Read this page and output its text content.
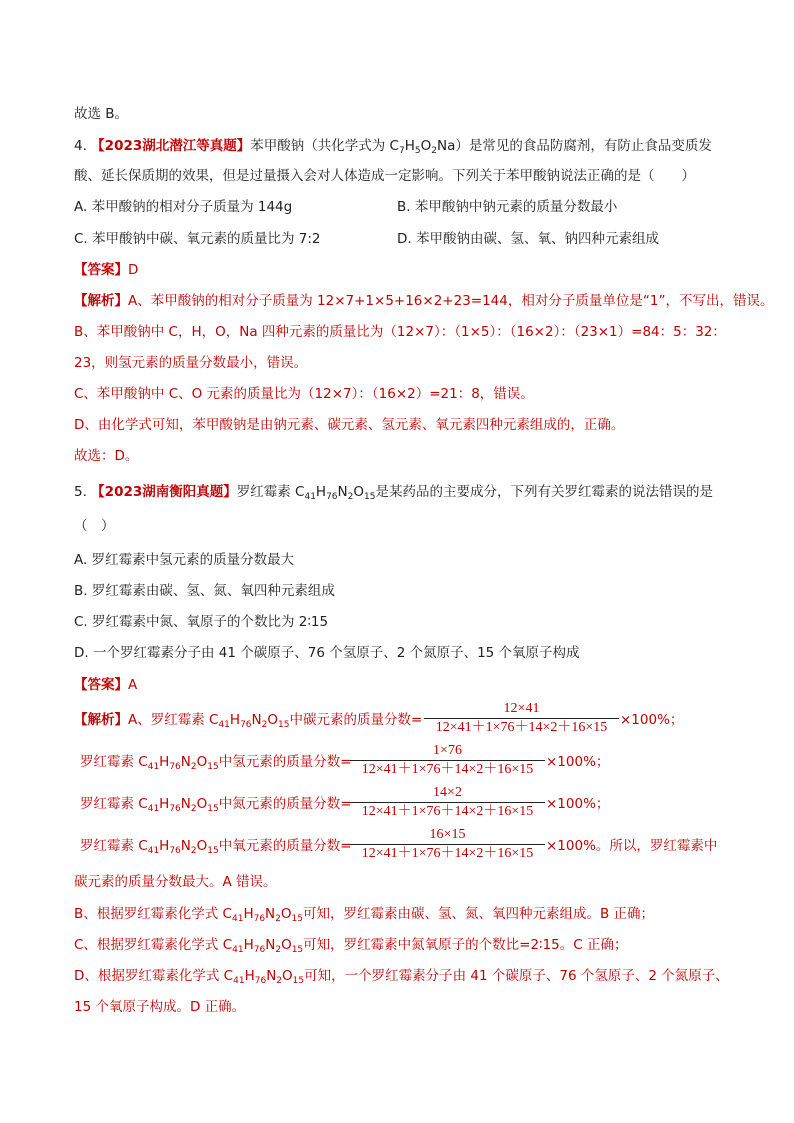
故选 B。
4. 【2023湖北潜江等真题】苯甲酸钠（共化学式为 $C_7H_5O_2Na$）是常见的食品防腐剂，有防止食品变质发
酸、延长保质期的效果，但是过量摄入会对人体造成一定影响。下列关于苯甲酸钠说法正确的是（　　）
A. 苯甲酸钠的相对分子质量为 144g	B. 苯甲酸钠中钠元素的质量分数最小
C. 苯甲酸钠中碳、氧元素的质量比为 7:2	D. 苯甲酸钠由碳、氢、氧、钠四种元素组成
【答案】D
【解析】A、苯甲酸钠的相对分子质量为 12×7+1×5+16×2+23=144，相对分子质量单位是“1”，不写出，错误。
B、苯甲酸钠中 C，H，O，Na 四种元素的质量比为（12×7）：（1×5）：（16×2）：（23×1）=84：5：32：
23，则氢元素的质量分数最小，错误。
C、苯甲酸钠中 C、O 元素的质量比为（12×7）：（16×2）=21：8，错误。
D、由化学式可知，苯甲酸钠是由钠元素、碳元素、氢元素、氧元素四种元素组成的，正确。
故选：D。
5. 【2023湖南衡阳真题】罗红霉素 $C_{41}H_{76}N_2O_{15}$是某药品的主要成分，下列有关罗红霉素的说法错误的是
（　）
A. 罗红霉素中氢元素的质量分数最大
B. 罗红霉素由碳、氢、氮、氧四种元素组成
C. 罗红霉素中氮、氧原子的个数比为 2∶15
D. 一个罗红霉素分子由 41 个碳原子、76 个氢原子、2 个氮原子、15 个氧原子构成
【答案】A
【解析】A、罗红霉素 $C_{41}H_{76}N_2O_{15}$中碳元素的质量分数=
12×41
12×41＋1×76＋14×2＋16×15 ×100%；
罗红霉素 $C_{41}H_{76}N_2O_{15}$中氢元素的质量分数=
1×76
12×41＋1×76＋14×2＋16×15 ×100%；
罗红霉素 $C_{41}H_{76}N_2O_{15}$中氮元素的质量分数=
14×2
12×41＋1×76＋14×2＋16×15 ×100%；
罗红霉素 $C_{41}H_{76}N_2O_{15}$中氧元素的质量分数=
16×15
12×41＋1×76＋14×2＋16×15 ×100%。所以，罗红霉素中
碳元素的质量分数最大。A 错误。
B、根据罗红霉素化学式 $C_{41}H_{76}N_2O_{15}$可知，罗红霉素由碳、氢、氮、氧四种元素组成。B 正确；
C、根据罗红霉素化学式 $C_{41}H_{76}N_2O_{15}$可知，罗红霉素中氮氧原子的个数比=2∶15。C 正确；
D、根据罗红霉素化学式 $C_{41}H_{76}N_2O_{15}$可知，一个罗红霉素分子由 41 个碳原子、76 个氢原子、2 个氮原子、
15 个氧原子构成。D 正确。
